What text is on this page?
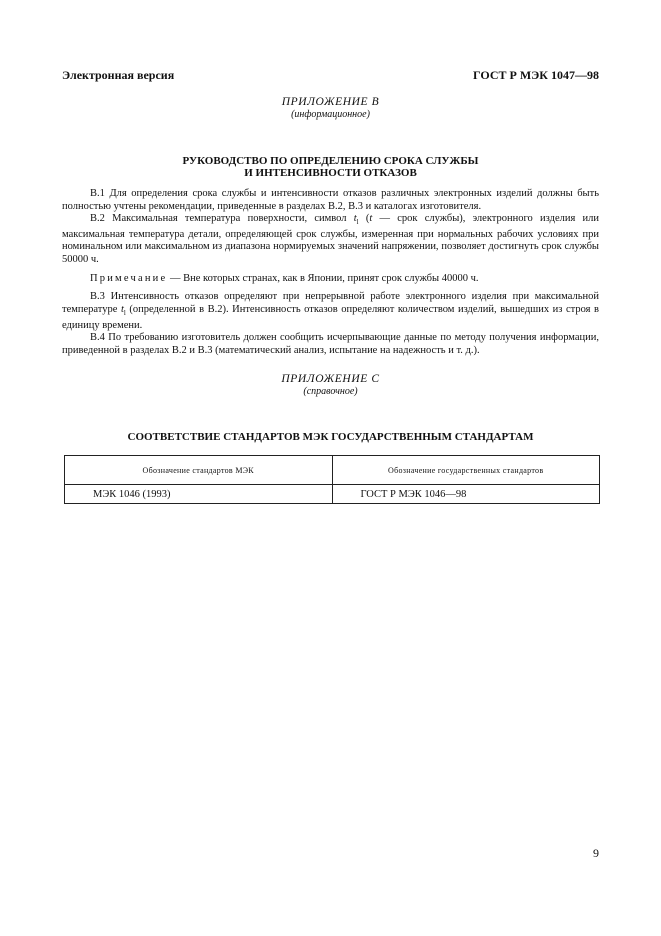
Электронная версия	ГОСТ Р МЭК 1047—98
ПРИЛОЖЕНИЕ В
(информационное)
РУКОВОДСТВО ПО ОПРЕДЕЛЕНИЮ СРОКА СЛУЖБЫ
И ИНТЕНСИВНОСТИ ОТКАЗОВ

В.1 Для определения срока службы и интенсивности отказов различных электронных изделий должны быть полностью учтены рекомендации, приведенные в разделах В.2, В.3 и каталогах изготовителя.

В.2 Максимальная температура поверхности, символ $t_l$ (t — срок службы), электронного изделия или максимальная температура детали, определяющей срок службы, измеренная при нормальных рабочих условиях при номинальном или максимальном из диапазона нормируемых значений напряжении, позволяет достигнуть срок службы 50000 ч.

Примечание — Вне которых странах, как в Японии, принят срок службы 40000 ч.

В.3 Интенсивность отказов определяют при непрерывной работе электронного изделия при максимальной температуре $t_l$ (определенной в В.2). Интенсивность отказов определяют количеством изделий, вышедших из строя в единицу времени.

В.4 По требованию изготовитель должен сообщить исчерпывающие данные по методу получения информации, приведенной в разделах В.2 и В.3 (математический анализ, испытание на надежность и т. д.).

ПРИЛОЖЕНИЕ С
(справочное)
СООТВЕТСТВИЕ СТАНДАРТОВ МЭК ГОСУДАРСТВЕННЫМ СТАНДАРТАМ
Обозначение стандартов МЭК	Обозначение государственных стандартов
МЭК 1046 (1993)	ГОСТ Р МЭК 1046—98
9
